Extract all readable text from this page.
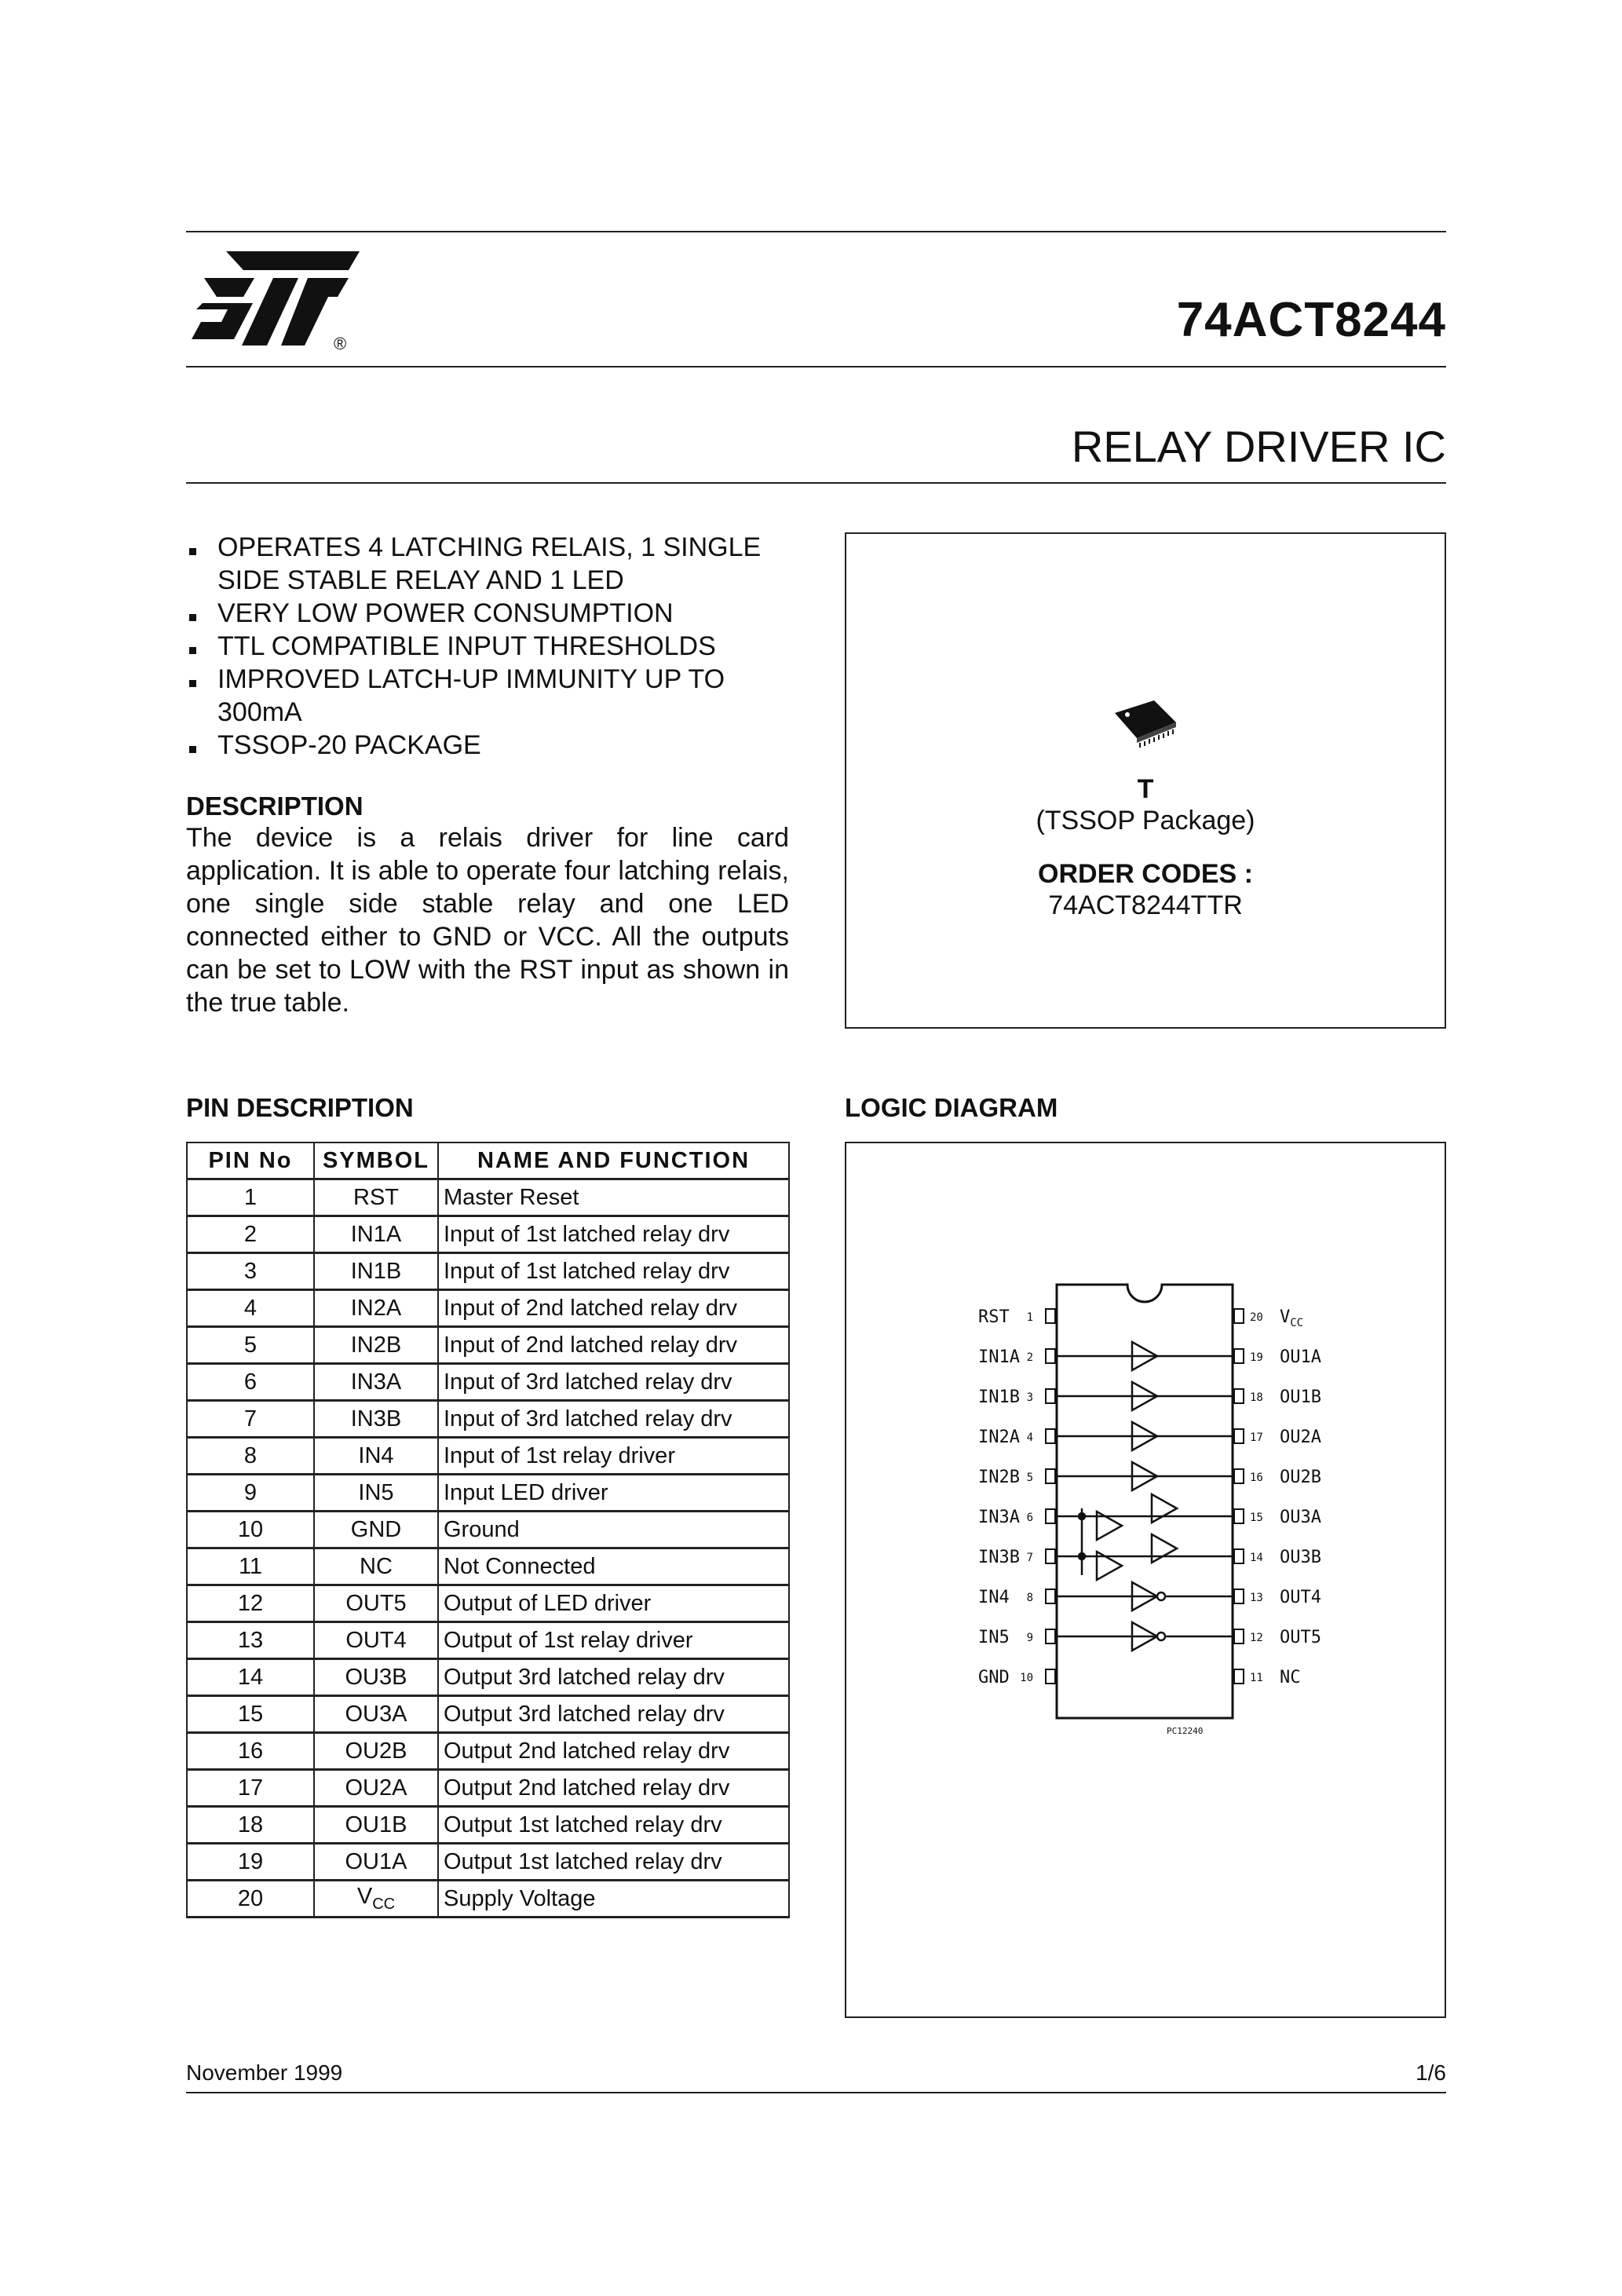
®	74ACT8244
RELAY DRIVER IC
OPERATES 4 LATCHING RELAIS, 1 SINGLE SIDE STABLE RELAY AND 1 LED
VERY LOW POWER CONSUMPTION
TTL COMPATIBLE INPUT THRESHOLDS
IMPROVED LATCH-UP IMMUNITY UP TO 300mA
TSSOP-20 PACKAGE
DESCRIPTION
The device is a relais driver for line card application. It is able to operate four latching relais, one single side stable relay and one LED connected either to GND or VCC. All the outputs can be set to LOW with the RST input as shown in the true table.
T
(TSSOP Package)
ORDER CODES :
74ACT8244TTR
PIN DESCRIPTION	LOGIC DIAGRAM
PIN No	SYMBOL	NAME AND FUNCTION
1	RST	Master Reset
2	IN1A	Input of 1st latched relay drv
3	IN1B	Input of 1st latched relay drv
4	IN2A	Input of 2nd latched relay drv
5	IN2B	Input of 2nd latched relay drv
6	IN3A	Input of 3rd latched relay drv
7	IN3B	Input of 3rd latched relay drv
8	IN4	Input of 1st relay driver
9	IN5	Input LED driver
10	GND	Ground
11	NC	Not Connected
12	OUT5	Output of LED driver
13	OUT4	Output of 1st relay driver
14	OU3B	Output 3rd latched relay drv
15	OU3A	Output 3rd latched relay drv
16	OU2B	Output 2nd latched relay drv
17	OU2A	Output 2nd latched relay drv
18	OU1B	Output 1st latched relay drv
19	OU1A	Output 1st latched relay drv
20	$V_{CC}$	Supply Voltage
RST 1
IN1A 2
IN1B 3
IN2A 4
IN2B 5
IN3A 6
IN3B 7
IN4 8
IN5 9
GND 10
20 $V_{CC}$
19 OU1A
18 OU1B
17 OU2A
16 OU2B
15 OU3A
14 OU3B
13 OUT4
12 OUT5
11 NC
PC12240
November 1999	1/6
